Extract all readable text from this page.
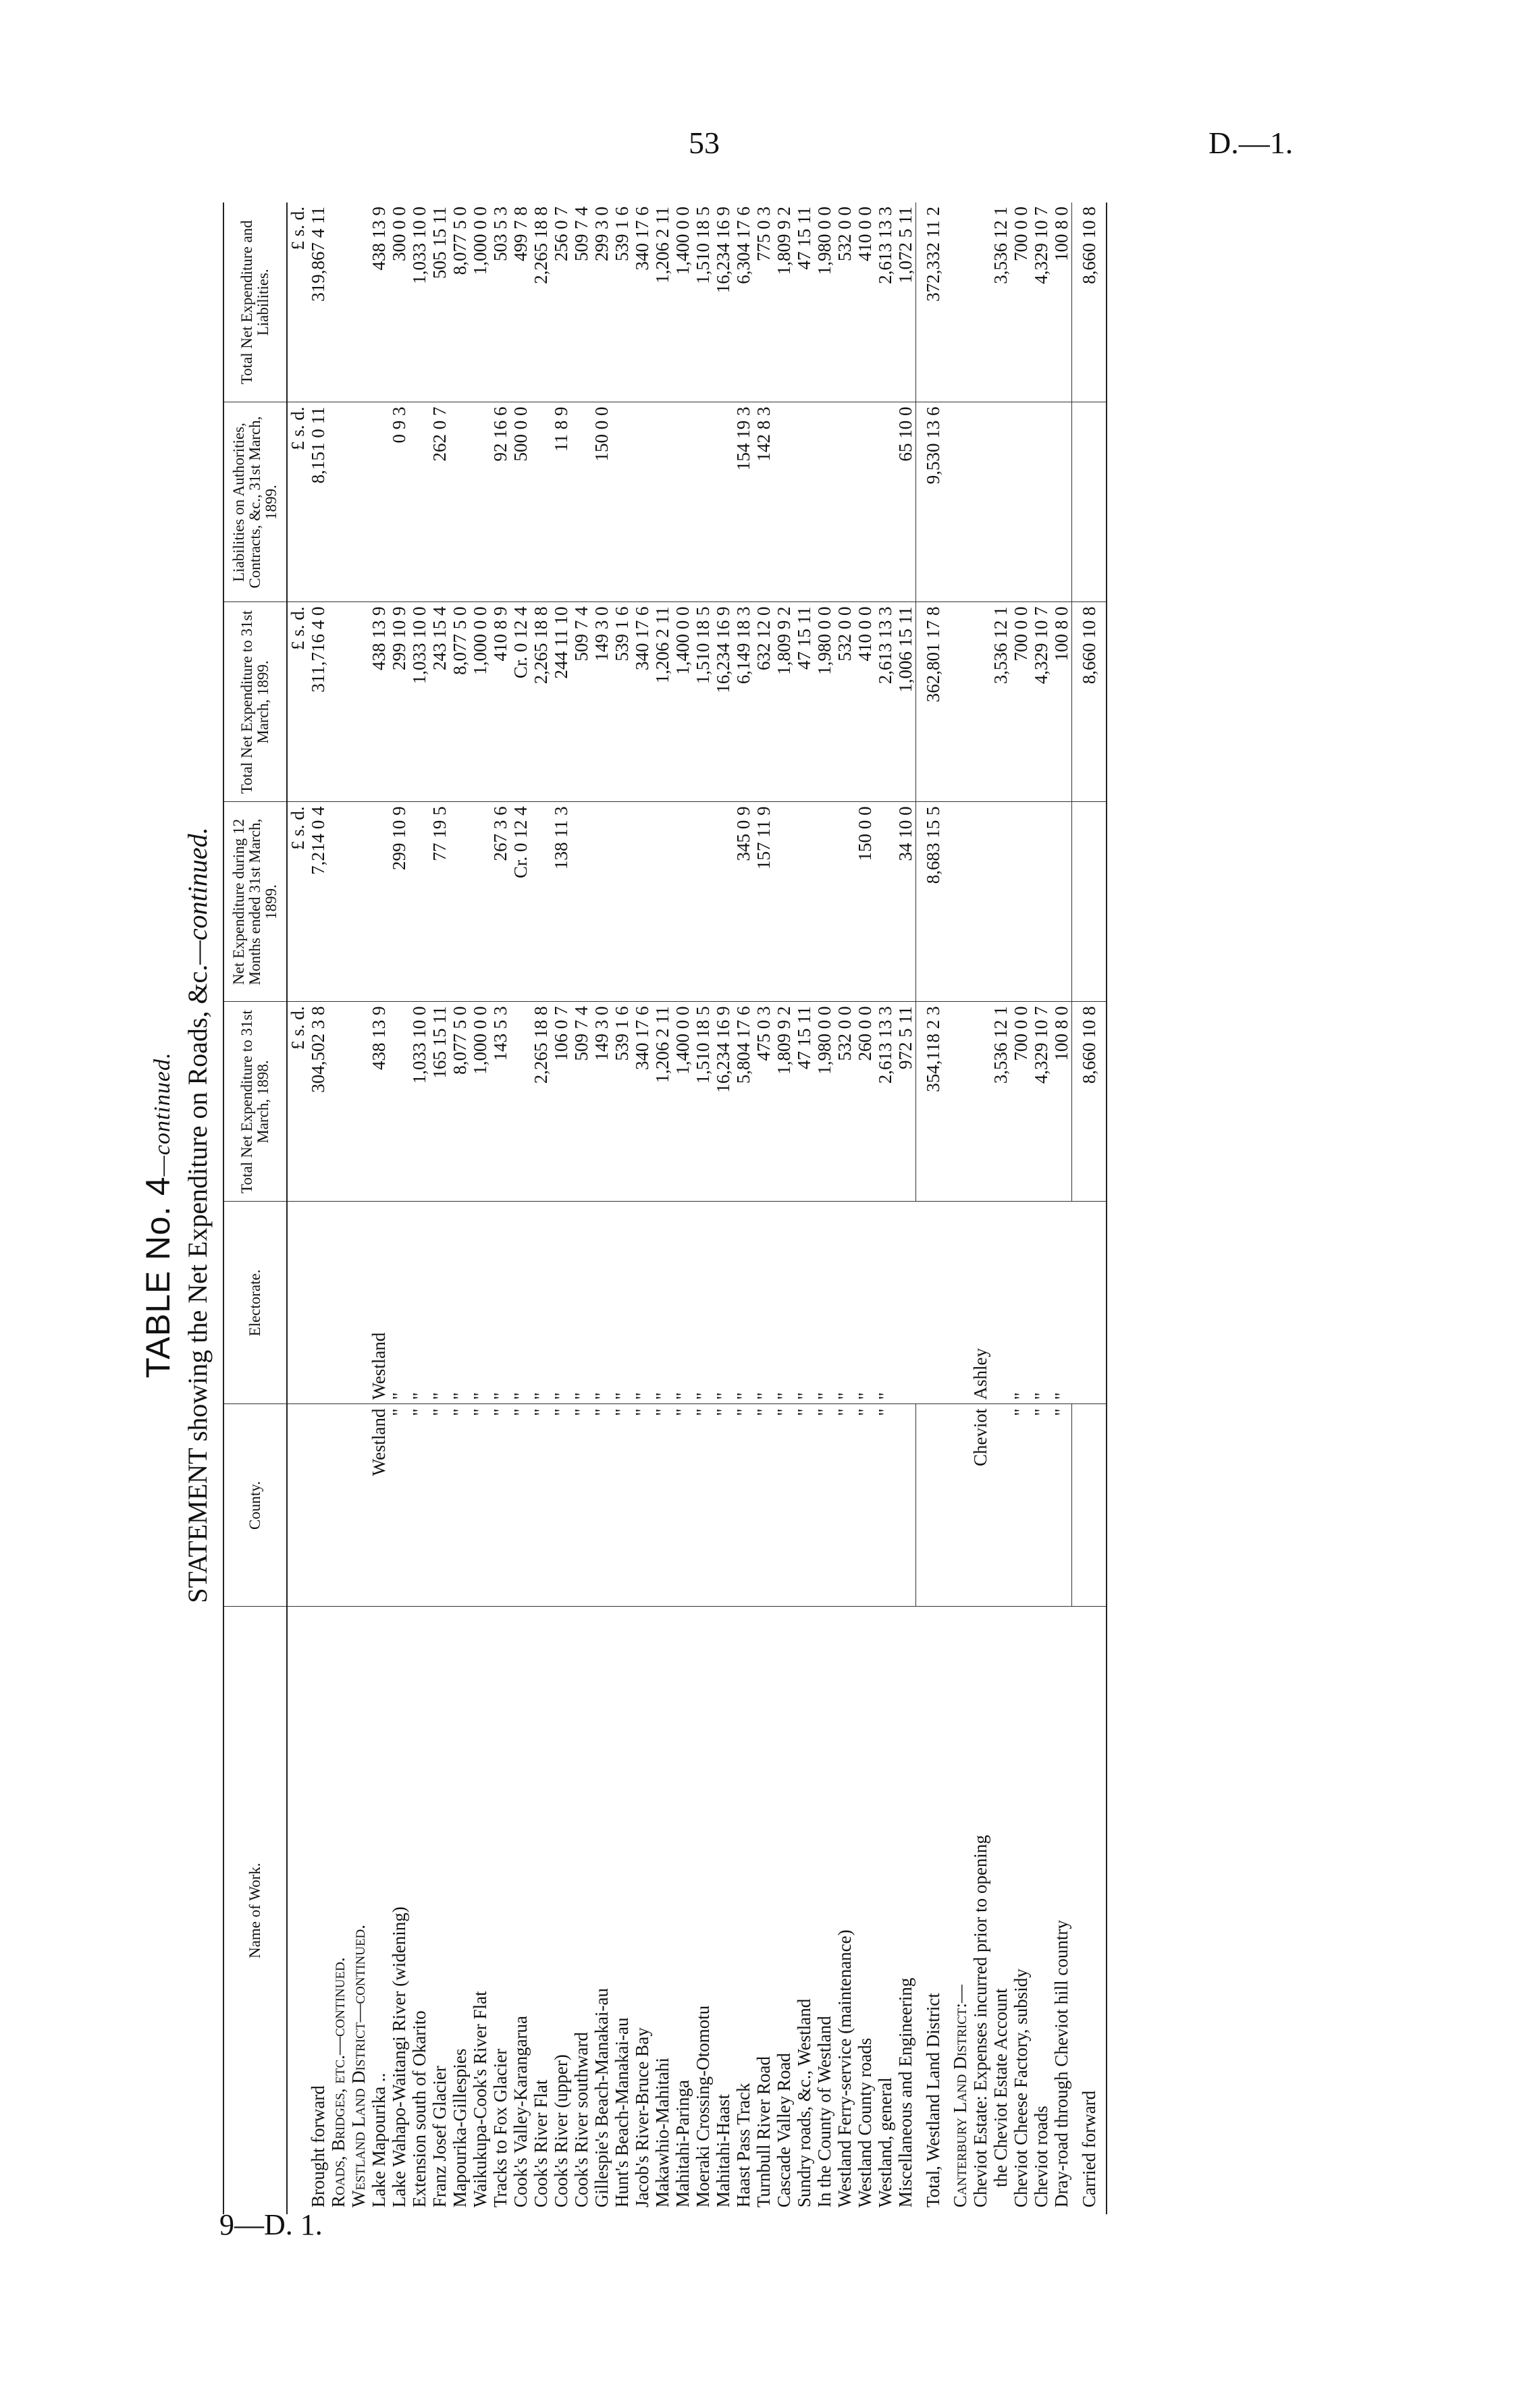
53	D.—1.
9—D. 1.
TABLE No. 4—continued. STATEMENT showing the Net Expenditure on Roads, &c.—continued.
Name of Work.	County.	Electorate.	Total Net Expenditure to 31st March, 1898.	Net Expenditure during 12 Months ended 31st March, 1899.	Total Net Expenditure to 31st March, 1899.	Liabilities on Authorities, Contracts, &c., 31st March, 1899.	Total Net Expenditure and Liabilities.
			£ s. d.	£ s. d.	£ s. d.	£ s. d.	£ s. d.
Brought forward			304,502 3 8	7,214 0 4	311,716 4 0	8,151 0 11	319,867 4 11
Roads, Bridges, etc.—continued.							
Westland Land District—continued.							
Lake Mapourika ..	Westland	Westland	438 13 9		438 13 9		438 13 9
Lake Wahapo-Waitangi River (widening)	"	"		299 10 9	299 10 9	0 9 3	300 0 0
Extension south of Okarito	"	"	1,033 10 0		1,033 10 0		1,033 10 0
Franz Josef Glacier	"	"	165 15 11	77 19 5	243 15 4	262 0 7	505 15 11
Mapourika-Gillespies	"	"	8,077 5 0		8,077 5 0		8,077 5 0
Waikukupa-Cook's River Flat	"	"	1,000 0 0		1,000 0 0		1,000 0 0
Tracks to Fox Glacier	"	"	143 5 3	267 3 6	410 8 9	92 16 6	503 5 3
Cook's Valley-Karangarua	"	"		Cr. 0 12 4	Cr. 0 12 4	500 0 0	499 7 8
Cook's River Flat	"	"	2,265 18 8		2,265 18 8		2,265 18 8
Cook's River (upper)	"	"	106 0 7	138 11 3	244 11 10	11 8 9	256 0 7
Cook's River southward	"	"	509 7 4		509 7 4		509 7 4
Gillespie's Beach-Manakai-au	"	"	149 3 0		149 3 0	150 0 0	299 3 0
Hunt's Beach-Manakai-au	"	"	539 1 6		539 1 6		539 1 6
Jacob's River-Bruce Bay	"	"	340 17 6		340 17 6		340 17 6
Makawhio-Mahitahi	"	"	1,206 2 11		1,206 2 11		1,206 2 11
Mahitahi-Paringa	"	"	1,400 0 0		1,400 0 0		1,400 0 0
Moeraki Crossing-Otomotu	"	"	1,510 18 5		1,510 18 5		1,510 18 5
Mahitahi-Haast	"	"	16,234 16 9		16,234 16 9		16,234 16 9
Haast Pass Track	"	"	5,804 17 6	345 0 9	6,149 18 3	154 19 3	6,304 17 6
Turnbull River Road	"	"	475 0 3	157 11 9	632 12 0	142 8 3	775 0 3
Cascade Valley Road	"	"	1,809 9 2		1,809 9 2		1,809 9 2
Sundry roads, &c., Westland	"	"	47 15 11		47 15 11		47 15 11
In the County of Westland	"	"	1,980 0 0		1,980 0 0		1,980 0 0
Westland Ferry-service (maintenance)	"	"	532 0 0		532 0 0		532 0 0
Westland County roads	"	"	260 0 0	150 0 0	410 0 0		410 0 0
Westland, general	"	"	2,613 13 3		2,613 13 3		2,613 13 3
Miscellaneous and Engineering			972 5 11	34 10 0	1,006 15 11	65 10 0	1,072 5 11
Total, Westland Land District			354,118 2 3	8,683 15 5	362,801 17 8	9,530 13 6	372,332 11 2
Canterbury Land District:—							
Cheviot Estate: Expenses incurred prior to opening	Cheviot	Ashley					
the Cheviot Estate Account			3,536 12 1		3,536 12 1		3,536 12 1
Cheviot Cheese Factory, subsidy	"	"	700 0 0		700 0 0		700 0 0
Cheviot roads	"	"	4,329 10 7		4,329 10 7		4,329 10 7
Dray-road through Cheviot hill country	"	"	100 8 0		100 8 0		100 8 0
Carried forward			8,660 10 8		8,660 10 8		8,660 10 8
